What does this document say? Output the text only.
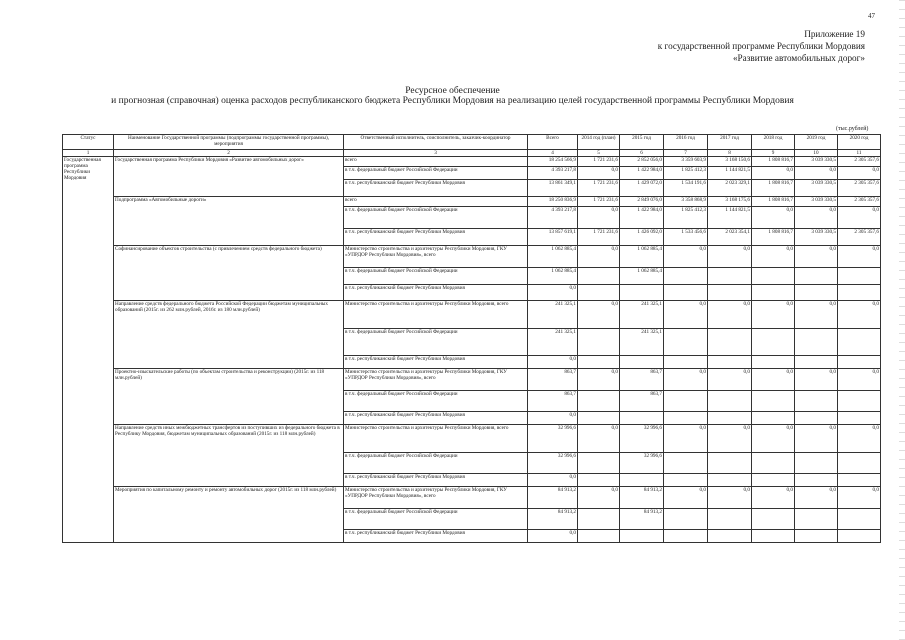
47
Приложение 19
к государственной программе Республики Мордовия
«Развитие автомобильных дорог»
Ресурсное обеспечение
и прогнозная (справочная) оценка расходов республиканского бюджета Республики Мордовия на реализацию целей государственной программы Республики Мордовия
(тыс.рублей)
Статус	Наименование Государственной программы (подпрограммы государственной программы), мероприятия	Ответственный исполнитель, соисполнитель, заказчик-координатор	Всего	2014 год (план)	2015 год	2016 год	2017 год	2018 год	2019 год	2020 год
1	2	3	4	5	6	7	8	9	10	11
Государственная программа Республики Мордовия	Государственная программа Республики Мордовия «Развитие автомобильных дорог»	всего	18 254 566,9	1 721 231,6	2 852 056,0	3 359 603,9	3 168 150,6	1 808 816,7	3 039 330,5	2 305 357,6
		в т.ч. федеральный бюджет Российской Федерации	4 393 217,8	0,0	1 422 984,0	1 825 412,3	1 144 821,5	0,0	0,0	0,0
		в т.ч. республиканский бюджет Республики Мордовия	13 861 349,1	1 721 231,6	1 429 072,0	1 534 191,6	2 023 329,1	1 808 816,7	3 039 330,5	2 305 357,6
	Подпрограмма «Автомобильные дороги»	всего	18 250 836,9	1 721 231,6	2 849 076,0	3 358 868,9	3 168 175,6	1 808 816,7	3 039 330,5	2 305 357,6
		в т.ч. федеральный бюджет Российской Федерации	4 393 217,8	0,0	1 422 984,0	1 825 412,3	1 144 821,5	0,0	0,0	0,0
		в т.ч. республиканский бюджет Республики Мордовия	13 857 619,1	1 721 231,6	1 426 092,0	1 533 456,6	2 023 354,1	1 808 816,7	3 039 330,5	2 305 357,6
	Софинансирование объектов строительства (с привлечением средств федерального бюджета)	Министерство строительства и архитектуры Республики Мордовия, ГКУ «УПРДОР Республики Мордовия», всего	1 062 885,4	0,0	1 062 885,4	0,0	0,0	0,0	0,0	0,0
		в т.ч. федеральный бюджет Российской Федерации	1 062 885,4		1 062 885,4					
		в т.ч. республиканский бюджет Республики Мордовия	0,0							
	Направление средств федерального бюджета Российской Федерации бюджетам муниципальных образований (2015г. из 262 млн.рублей, 2016г. из 180 млн.рублей)	Министерство строительства и архитектуры Республики Мордовия, всего	241 325,1	0,0	241 325,1	0,0	0,0	0,0	0,0	0,0
		в т.ч. федеральный бюджет Российской Федерации	241 325,1		241 325,1					
		в т.ч. республиканский бюджет Республики Мордовия	0,0							
	Проектно-изыскательские работы (по объектам строительства и реконструкции) (2015г. из 118 млн.рублей)	Министерство строительства и архитектуры Республики Мордовия, ГКУ «УПРДОР Республики Мордовия», всего	863,7	0,0	863,7	0,0	0,0	0,0	0,0	0,0
		в т.ч. федеральный бюджет Российской Федерации	863,7		863,7					
		в т.ч. республиканский бюджет Республики Мордовия	0,0							
	Направление средств иных межбюджетных трансфертов из поступивших из федерального бюджета в Республику Мордовия, бюджетам муниципальных образований (2015г. из 118 млн.рублей)	Министерство строительства и архитектуры Республики Мордовия, всего	32 996,6	0,0	32 996,6	0,0	0,0	0,0	0,0	0,0
		в т.ч. федеральный бюджет Российской Федерации	32 996,6		32 996,6					
		в т.ч. республиканский бюджет Республики Мордовия	0,0							
	Мероприятия по капитальному ремонту и ремонту автомобильных дорог (2015г. из 118 млн.рублей)	Министерство строительства и архитектуры Республики Мордовия, ГКУ «УПРДОР Республики Мордовия», всего	84 913,2	0,0	84 913,2	0,0	0,0	0,0	0,0	0,0
		в т.ч. федеральный бюджет Российской Федерации	84 913,2		84 913,2					
		в т.ч. республиканский бюджет Республики Мордовия	0,0							
